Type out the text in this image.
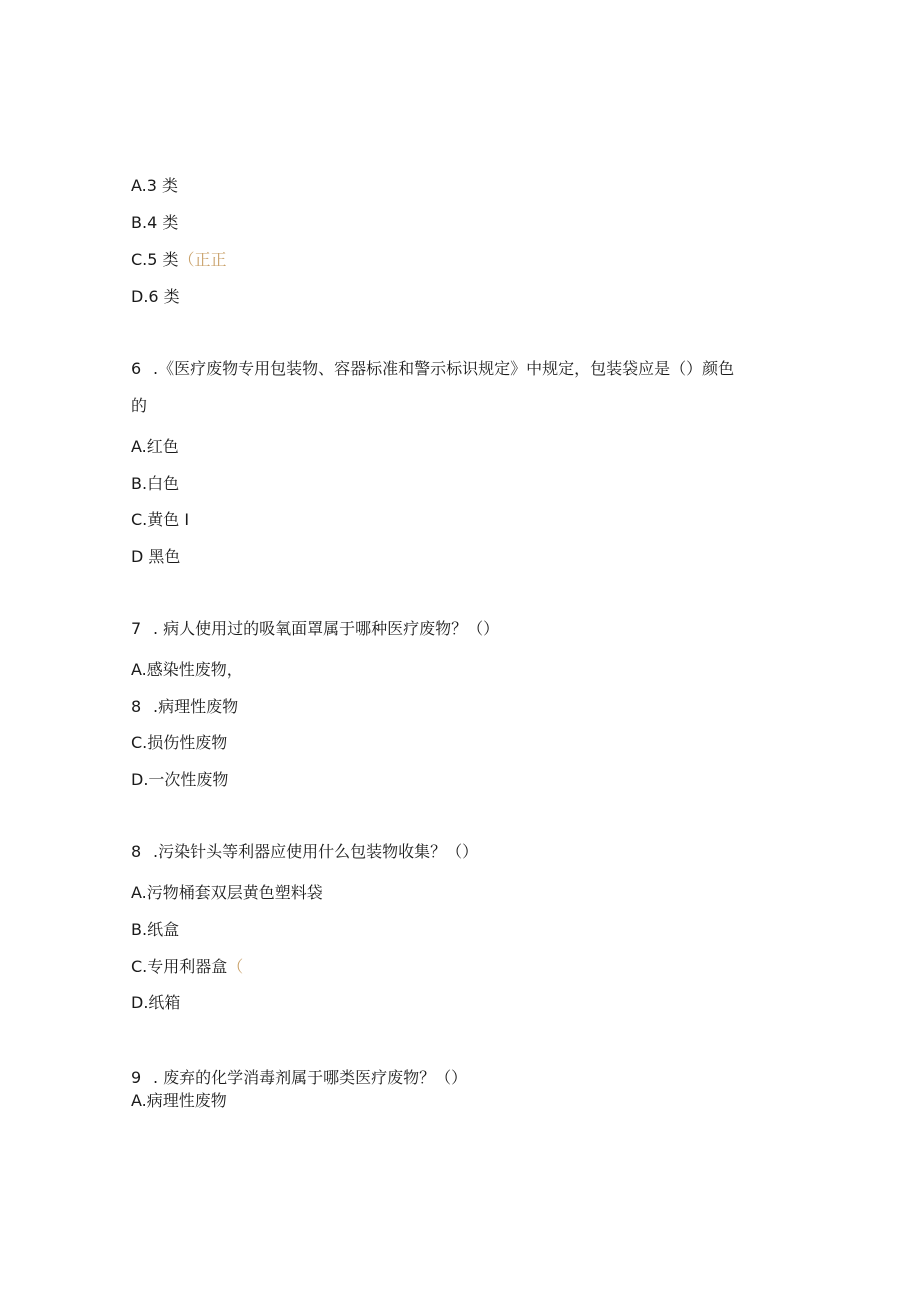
A.3 类
B.4 类
C.5 类（正正
D.6 类
6 .《医疗废物专用包装物、容器标准和警示标识规定》中规定，包装袋应是（）颜色
的
A.红色
B.白色
C.黄色 I
D 黑色
7 . 病人使用过的吸氧面罩属于哪种医疗废物？（）
A.感染性废物，
8 .病理性废物
C.损伤性废物
D.一次性废物
8 .污染针头等利器应使用什么包装物收集？（）
A.污物桶套双层黄色塑料袋
B.纸盒
C.专用利器盒（
D.纸箱
9 . 废弃的化学消毒剂属于哪类医疗废物？（）
A.病理性废物
